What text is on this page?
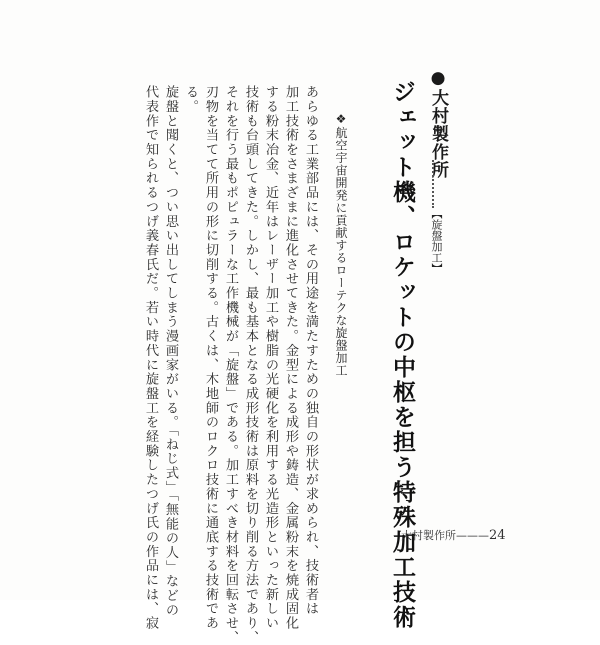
●大村製作所
【旋盤加工】
ジェット機、ロケットの中枢を担う特殊加工技術
❖航空宇宙開発に貢献するローテクな旋盤加工
あらゆる工業部品には、その用途を満たすための独自の形状が求められ、技術者は
加工技術をさまざまに進化させてきた。金型による成形や鋳造、金属粉末を焼成固化
する粉末冶金、近年はレーザー加工や樹脂の光硬化を利用する光造形といった新しい
技術も台頭してきた。しかし、最も基本となる成形技術は原料を切り削る方法であり、
それを行う最もポピュラーな工作機械が「旋盤」である。加工すべき材料を回転させ、
刃物を当てて所用の形に切削する。古くは、木地師のロクロ技術に通底する技術であ
る。
旋盤と聞くと、つい思い出してしまう漫画家がいる。「ねじ式」「無能の人」などの
代表作で知られるつげ義春氏だ。若い時代に旋盤工を経験したつげ氏の作品には、寂	大村製作所———24
